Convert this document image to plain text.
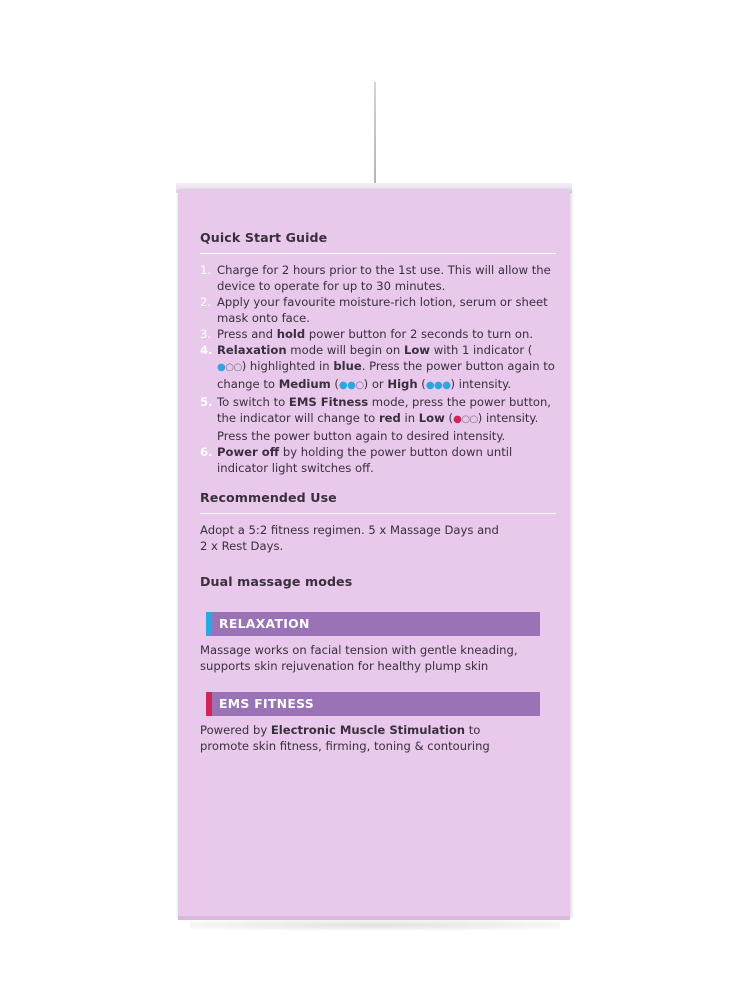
Quick Start Guide
1. Charge for 2 hours prior to the 1st use. This will allow the device to operate for up to 30 minutes.
2. Apply your favourite moisture-rich lotion, serum or sheet mask onto face.
3. Press and hold power button for 2 seconds to turn on.
4. Relaxation mode will begin on Low with 1 indicator (●○○) highlighted in blue. Press the power button again to change to Medium (●●○) or High (●●●) intensity.
5. To switch to EMS Fitness mode, press the power button, the indicator will change to red in Low (●○○) intensity. Press the power button again to desired intensity.
6. Power off by holding the power button down until indicator light switches off.
Recommended Use

Adopt a 5:2 fitness regimen. 5 x Massage Days and 2 x Rest Days.

Dual massage modes
RELAXATION

Massage works on facial tension with gentle kneading, supports skin rejuvenation for healthy plump skin

EMS FITNESS

Powered by Electronic Muscle Stimulation to promote skin fitness, firming, toning & contouring
